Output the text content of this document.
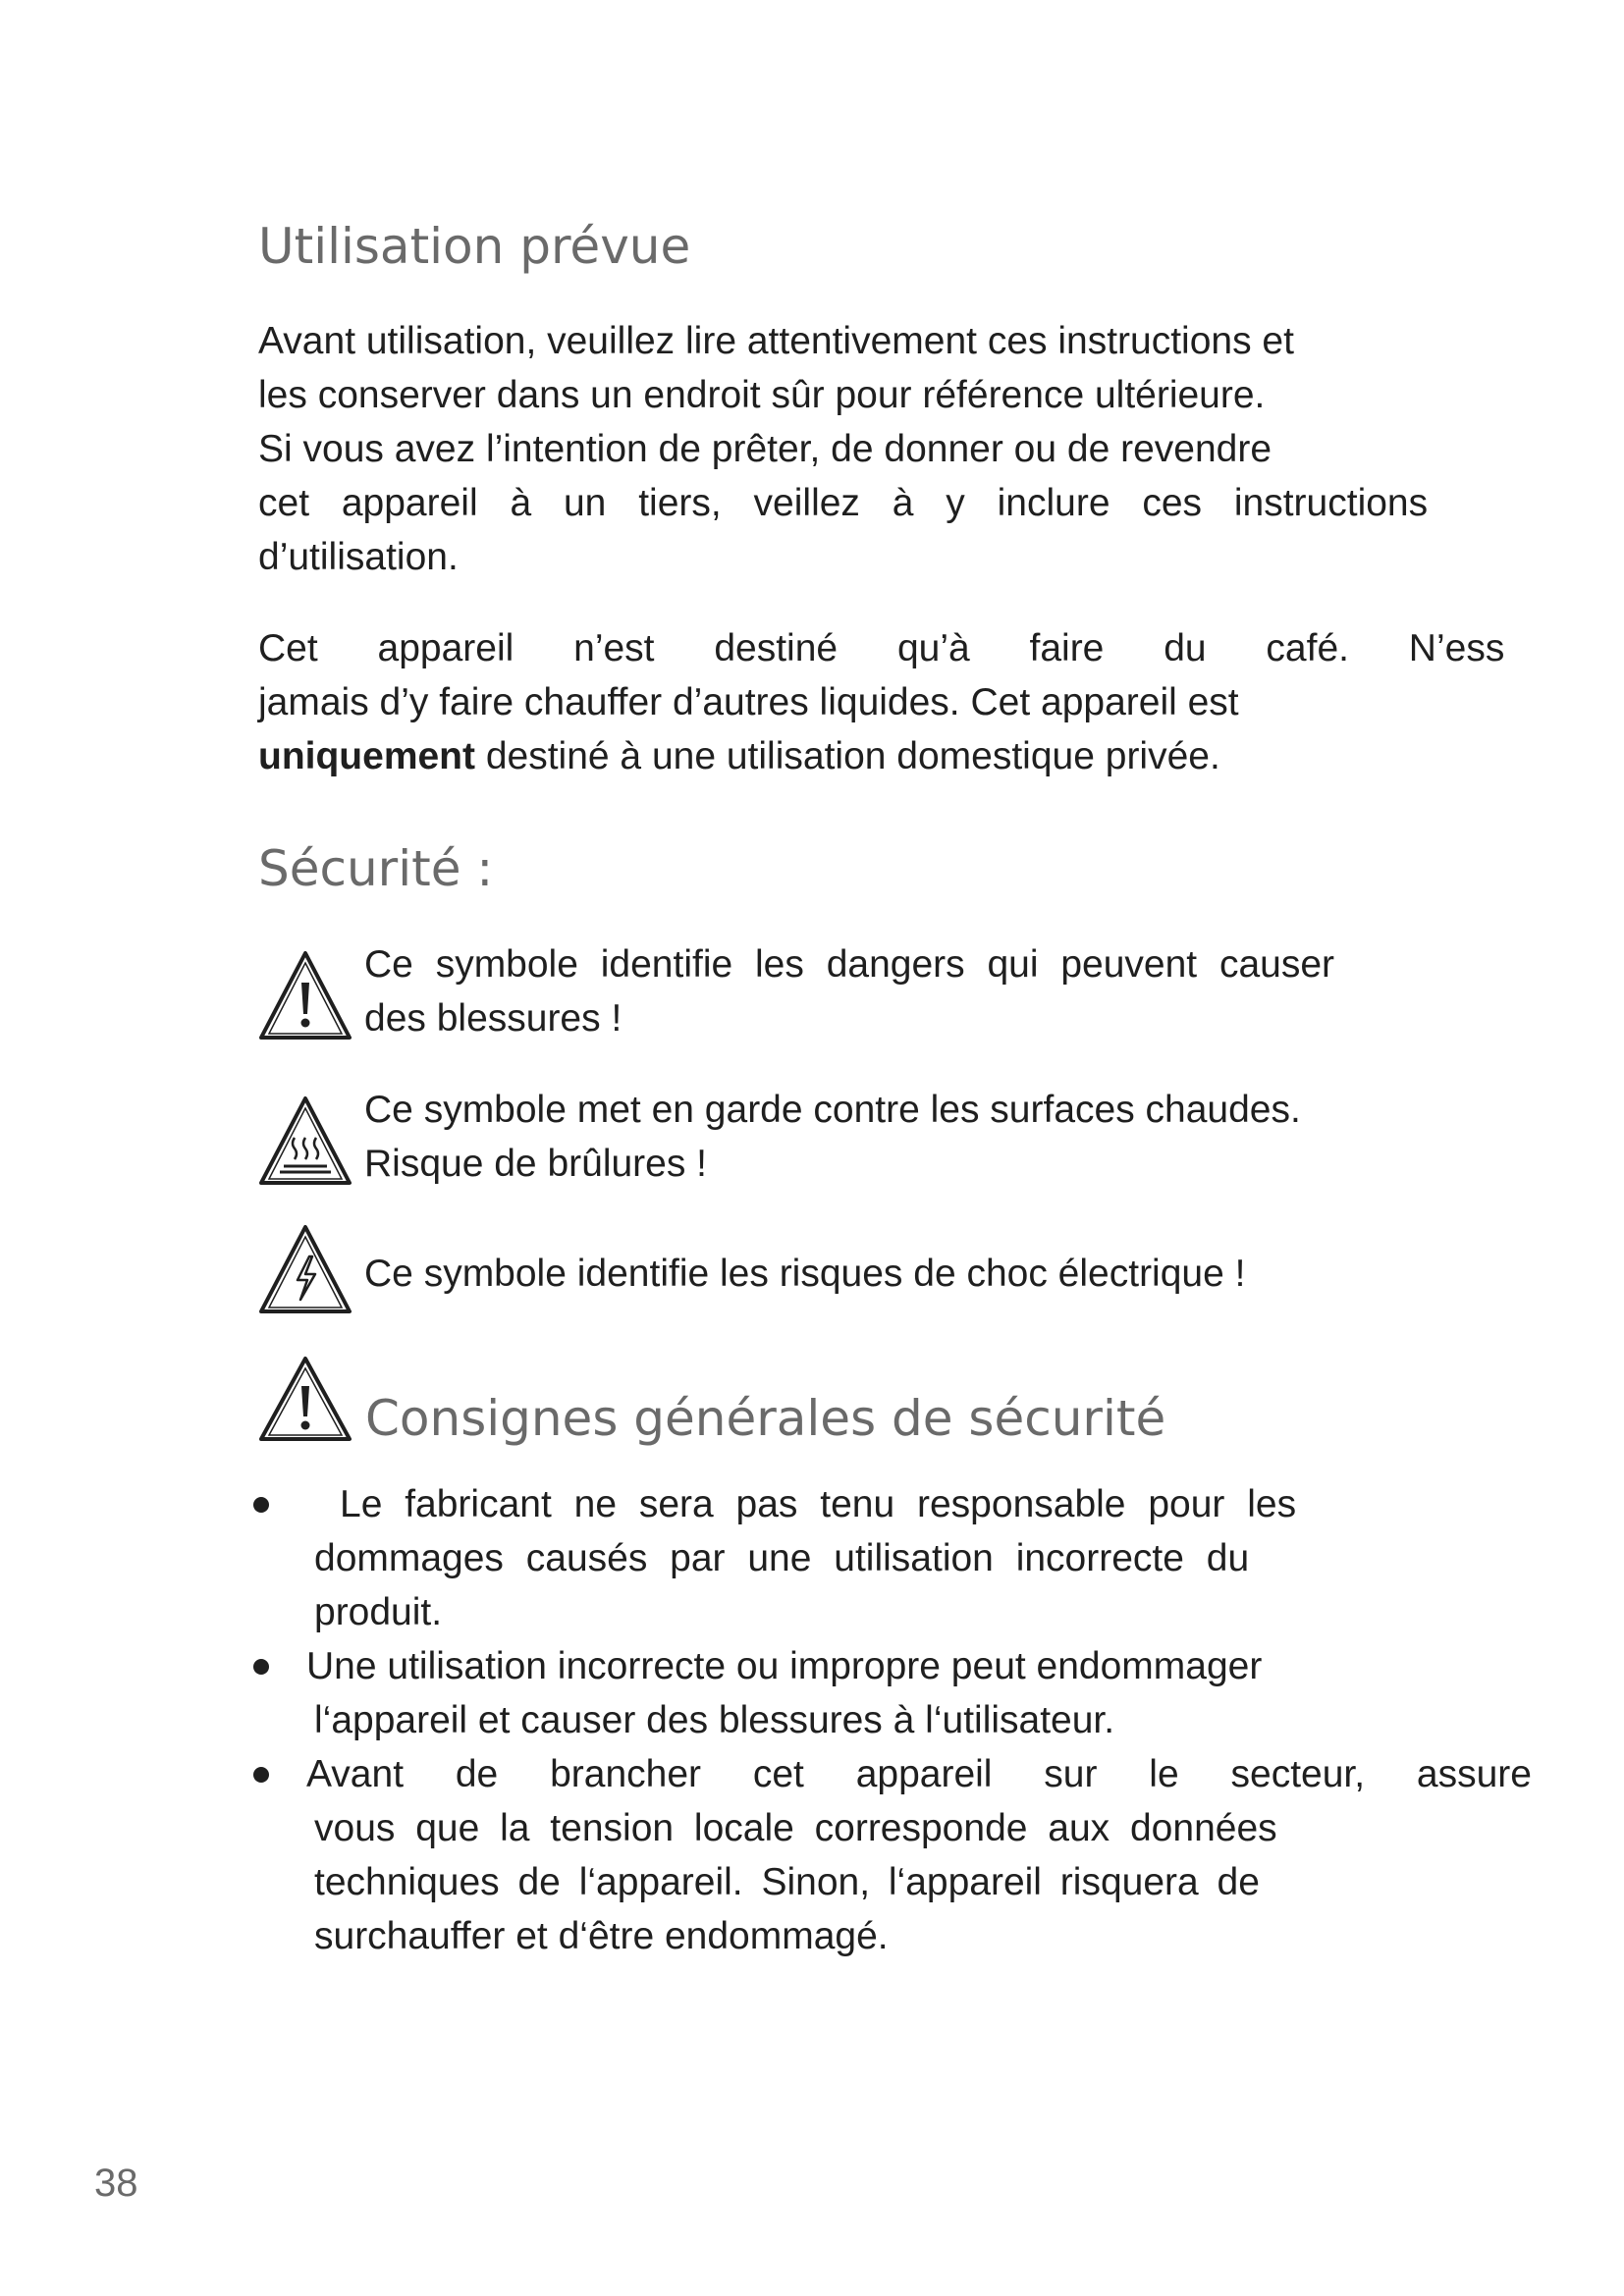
Utilisation prévue
Avant utilisation, veuillez lire attentivement ces instructions et
les conserver dans un endroit sûr pour référence ultérieure.
Si vous avez l’intention de prêter, de donner ou de revendre
cet appareil à un tiers, veillez à y inclure ces instructions
d’utilisation.
Cet appareil n’est destiné qu’à faire du café. N’ess
jamais d’y faire chauffer d’autres liquides. Cet appareil est
uniquement destiné à une utilisation domestique privée.
Sécurité :

Ce symbole identifie les dangers qui peuvent causer
des blessures !

Ce symbole met en garde contre les surfaces chaudes.
Risque de brûlures !

Ce symbole identifie les risques de choc électrique !

Consignes générales de sécurité
Le fabricant ne sera pas tenu responsable pour les
dommages causés par une utilisation incorrecte du
produit.
Une utilisation incorrecte ou impropre peut endommager
l‘appareil et causer des blessures à l‘utilisateur.
Avant de brancher cet appareil sur le secteur, assure
vous que la tension locale corresponde aux données
techniques de l‘appareil. Sinon, l‘appareil risquera de
surchauffer et d‘être endommagé.

38
